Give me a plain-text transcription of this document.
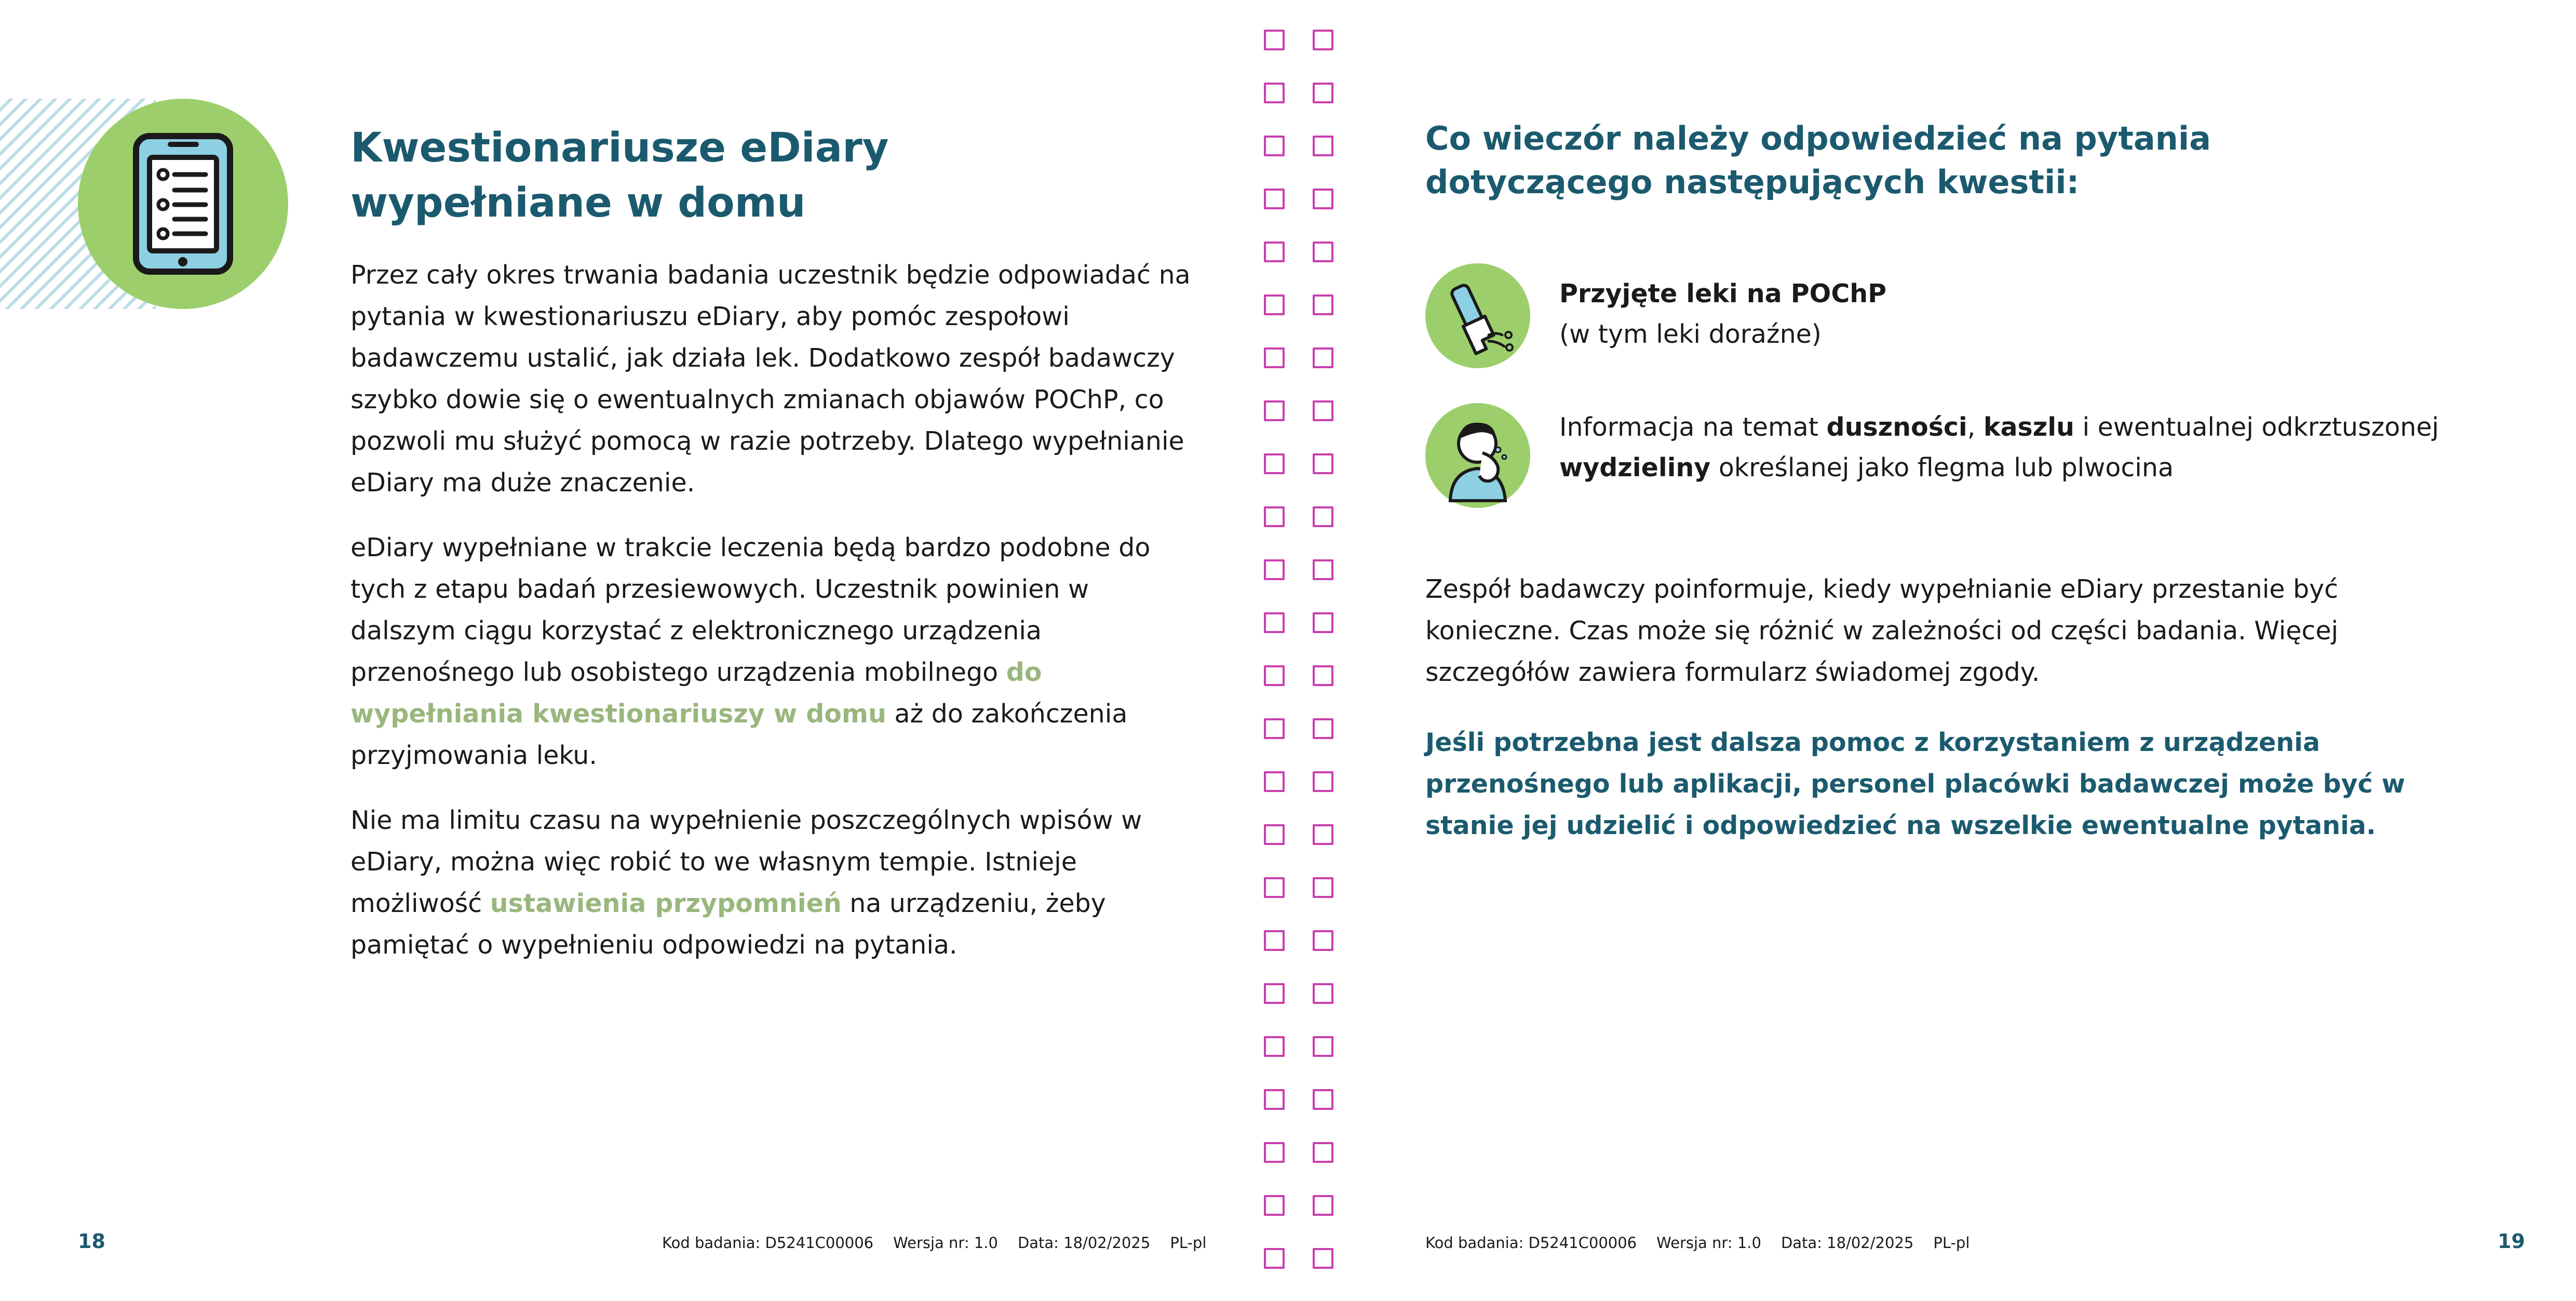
Kwestionariusze eDiary
wypełniane w domu

Przez cały okres trwania badania uczestnik będzie odpowiadać na pytania w kwestionariuszu eDiary, aby pomóc zespołowi badawczemu ustalić, jak działa lek. Dodatkowo zespół badawczy szybko dowie się o ewentualnych zmianach objawów POChP, co pozwoli mu służyć pomocą w razie potrzeby. Dlatego wypełnianie eDiary ma duże znaczenie.

eDiary wypełniane w trakcie leczenia będą bardzo podobne do tych z etapu badań przesiewowych. Uczestnik powinien w dalszym ciągu korzystać z elektronicznego urządzenia przenośnego lub osobistego urządzenia mobilnego do wypełniania kwestionariuszy w domu aż do zakończenia przyjmowania leku.

Nie ma limitu czasu na wypełnienie poszczególnych wpisów w eDiary, można więc robić to we własnym tempie. Istnieje możliwość ustawienia przypomnień na urządzeniu, żeby pamiętać o wypełnieniu odpowiedzi na pytania.

18	Kod badania: D5241C00006 Wersja nr: 1.0 Data: 18/02/2025 PL-pl
Co wieczór należy odpowiedzieć na pytania dotyczącego następujących kwestii:
Przyjęte leki na POChP
(w tym leki doraźne)
Informacja na temat duszności, kaszlu i ewentualnej odkrztuszonej
wydzieliny określanej jako flegma lub plwocina

Zespół badawczy poinformuje, kiedy wypełnianie eDiary przestanie być konieczne. Czas może się różnić w zależności od części badania. Więcej szczegółów zawiera formularz świadomej zgody.

Jeśli potrzebna jest dalsza pomoc z korzystaniem z urządzenia przenośnego lub aplikacji, personel placówki badawczej może być w stanie jej udzielić i odpowiedzieć na wszelkie ewentualne pytania.
Kod badania: D5241C00006 Wersja nr: 1.0 Data: 18/02/2025 PL-pl	19
